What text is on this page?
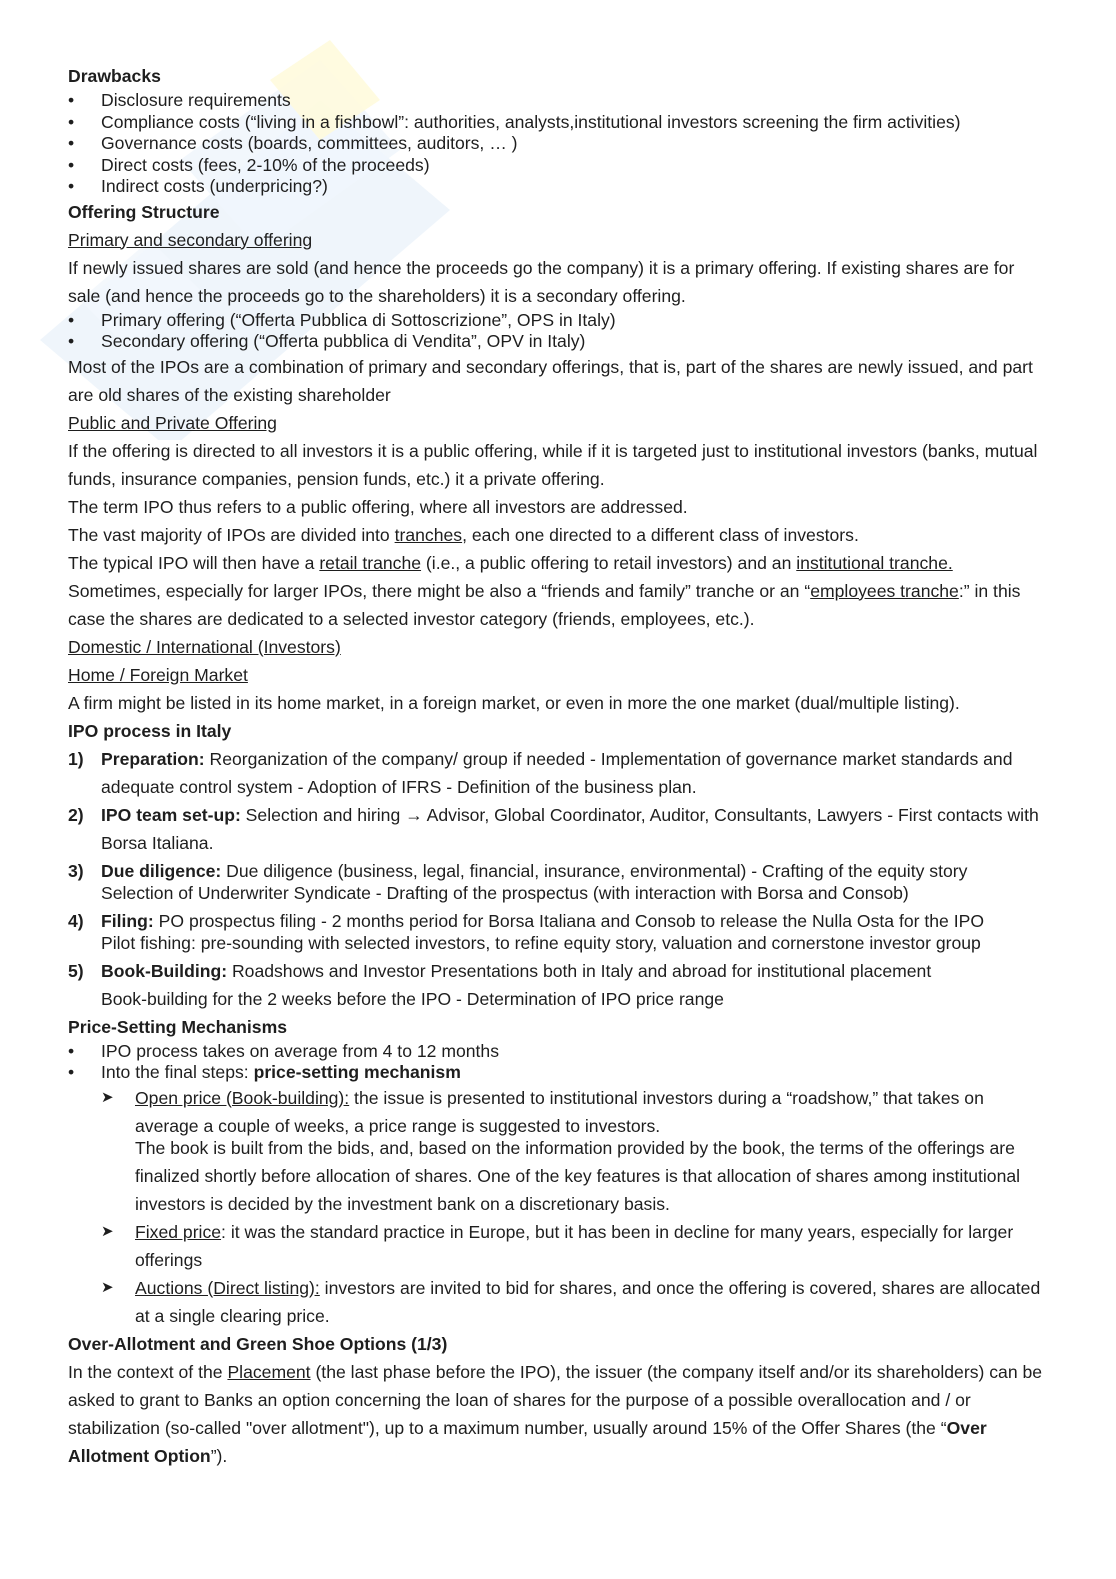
Drawbacks
• Disclosure requirements
• Compliance costs (“living in a fishbowl”: authorities, analysts,institutional investors screening the firm activities)
• Governance costs (boards, committees, auditors, … )
• Direct costs (fees, 2-10% of the proceeds)
• Indirect costs (underpricing?)
Offering Structure
Primary and secondary offering

If newly issued shares are sold (and hence the proceeds go the company) it is a primary offering. If existing shares are for sale (and hence the proceeds go to the shareholders) it is a secondary offering.

• Primary offering (“Offerta Pubblica di Sottoscrizione”, OPS in Italy)
• Secondary offering (“Offerta pubblica di Vendita”, OPV in Italy)

Most of the IPOs are a combination of primary and secondary offerings, that is, part of the shares are newly issued, and part are old shares of the existing shareholder

Public and Private Offering

If the offering is directed to all investors it is a public offering, while if it is targeted just to institutional investors (banks, mutual funds, insurance companies, pension funds, etc.) it a private offering.

The term IPO thus refers to a public offering, where all investors are addressed.

The vast majority of IPOs are divided into tranches, each one directed to a different class of investors.

The typical IPO will then have a retail tranche (i.e., a public offering to retail investors) and an institutional tranche.

Sometimes, especially for larger IPOs, there might be also a “friends and family” tranche or an “employees tranche:” in this case the shares are dedicated to a selected investor category (friends, employees, etc.).

Domestic / International (Investors)
Home / Foreign Market

A firm might be listed in its home market, in a foreign market, or even in more the one market (dual/multiple listing).

IPO process in Italy
1) Preparation: Reorganization of the company/ group if needed - Implementation of governance market standards and adequate control system - Adoption of IFRS - Definition of the business plan.
2) IPO team set-up: Selection and hiring → Advisor, Global Coordinator, Auditor, Consultants, Lawyers - First contacts with Borsa Italiana.
3) Due diligence: Due diligence (business, legal, financial, insurance, environmental) - Crafting of the equity story
Selection of Underwriter Syndicate - Drafting of the prospectus (with interaction with Borsa and Consob)
4) Filing: PO prospectus filing - 2 months period for Borsa Italiana and Consob to release the Nulla Osta for the IPO
Pilot fishing: pre-sounding with selected investors, to refine equity story, valuation and cornerstone investor group
5) Book-Building: Roadshows and Investor Presentations both in Italy and abroad for institutional placement
Book-building for the 2 weeks before the IPO - Determination of IPO price range
Price-Setting Mechanisms
• IPO process takes on average from 4 to 12 months
• Into the final steps: price-setting mechanism
➤ Open price (Book-building): the issue is presented to institutional investors during a “roadshow,” that takes on average a couple of weeks, a price range is suggested to investors.
The book is built from the bids, and, based on the information provided by the book, the terms of the offerings are finalized shortly before allocation of shares. One of the key features is that allocation of shares among institutional investors is decided by the investment bank on a discretionary basis.
➤ Fixed price: it was the standard practice in Europe, but it has been in decline for many years, especially for larger offerings
➤ Auctions (Direct listing): investors are invited to bid for shares, and once the offering is covered, shares are allocated at a single clearing price.
Over-Allotment and Green Shoe Options (1/3)

In the context of the Placement (the last phase before the IPO), the issuer (the company itself and/or its shareholders) can be asked to grant to Banks an option concerning the loan of shares for the purpose of a possible overallocation and / or stabilization (so-called "over allotment"), up to a maximum number, usually around 15% of the Offer Shares (the “Over Allotment Option”).
